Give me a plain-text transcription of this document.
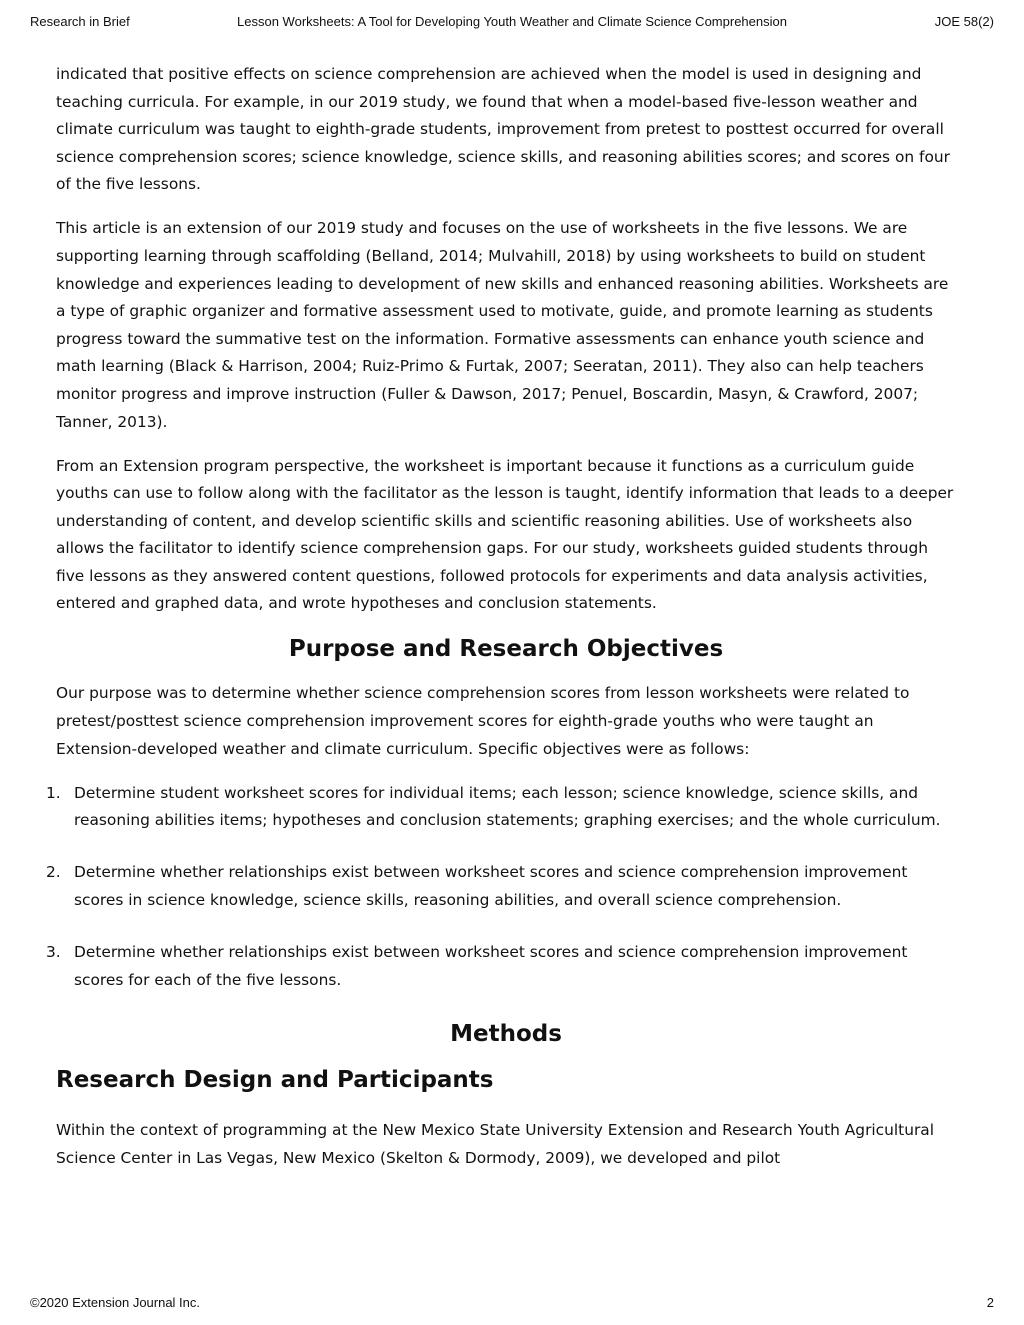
Research in Brief	Lesson Worksheets: A Tool for Developing Youth Weather and Climate Science Comprehension	JOE 58(2)

indicated that positive effects on science comprehension are achieved when the model is used in designing and teaching curricula. For example, in our 2019 study, we found that when a model-based five-lesson weather and climate curriculum was taught to eighth-grade students, improvement from pretest to posttest occurred for overall science comprehension scores; science knowledge, science skills, and reasoning abilities scores; and scores on four of the five lessons.

This article is an extension of our 2019 study and focuses on the use of worksheets in the five lessons. We are supporting learning through scaffolding (Belland, 2014; Mulvahill, 2018) by using worksheets to build on student knowledge and experiences leading to development of new skills and enhanced reasoning abilities. Worksheets are a type of graphic organizer and formative assessment used to motivate, guide, and promote learning as students progress toward the summative test on the information. Formative assessments can enhance youth science and math learning (Black & Harrison, 2004; Ruiz-Primo & Furtak, 2007; Seeratan, 2011). They also can help teachers monitor progress and improve instruction (Fuller & Dawson, 2017; Penuel, Boscardin, Masyn, & Crawford, 2007; Tanner, 2013).

From an Extension program perspective, the worksheet is important because it functions as a curriculum guide youths can use to follow along with the facilitator as the lesson is taught, identify information that leads to a deeper understanding of content, and develop scientific skills and scientific reasoning abilities. Use of worksheets also allows the facilitator to identify science comprehension gaps. For our study, worksheets guided students through five lessons as they answered content questions, followed protocols for experiments and data analysis activities, entered and graphed data, and wrote hypotheses and conclusion statements.

Purpose and Research Objectives

Our purpose was to determine whether science comprehension scores from lesson worksheets were related to pretest/posttest science comprehension improvement scores for eighth-grade youths who were taught an Extension-developed weather and climate curriculum. Specific objectives were as follows:

1. Determine student worksheet scores for individual items; each lesson; science knowledge, science skills, and reasoning abilities items; hypotheses and conclusion statements; graphing exercises; and the whole curriculum.
2. Determine whether relationships exist between worksheet scores and science comprehension improvement scores in science knowledge, science skills, reasoning abilities, and overall science comprehension.
3. Determine whether relationships exist between worksheet scores and science comprehension improvement scores for each of the five lessons.
Methods
Research Design and Participants

Within the context of programming at the New Mexico State University Extension and Research Youth Agricultural Science Center in Las Vegas, New Mexico (Skelton & Dormody, 2009), we developed and pilot

©2020 Extension Journal Inc.	2
